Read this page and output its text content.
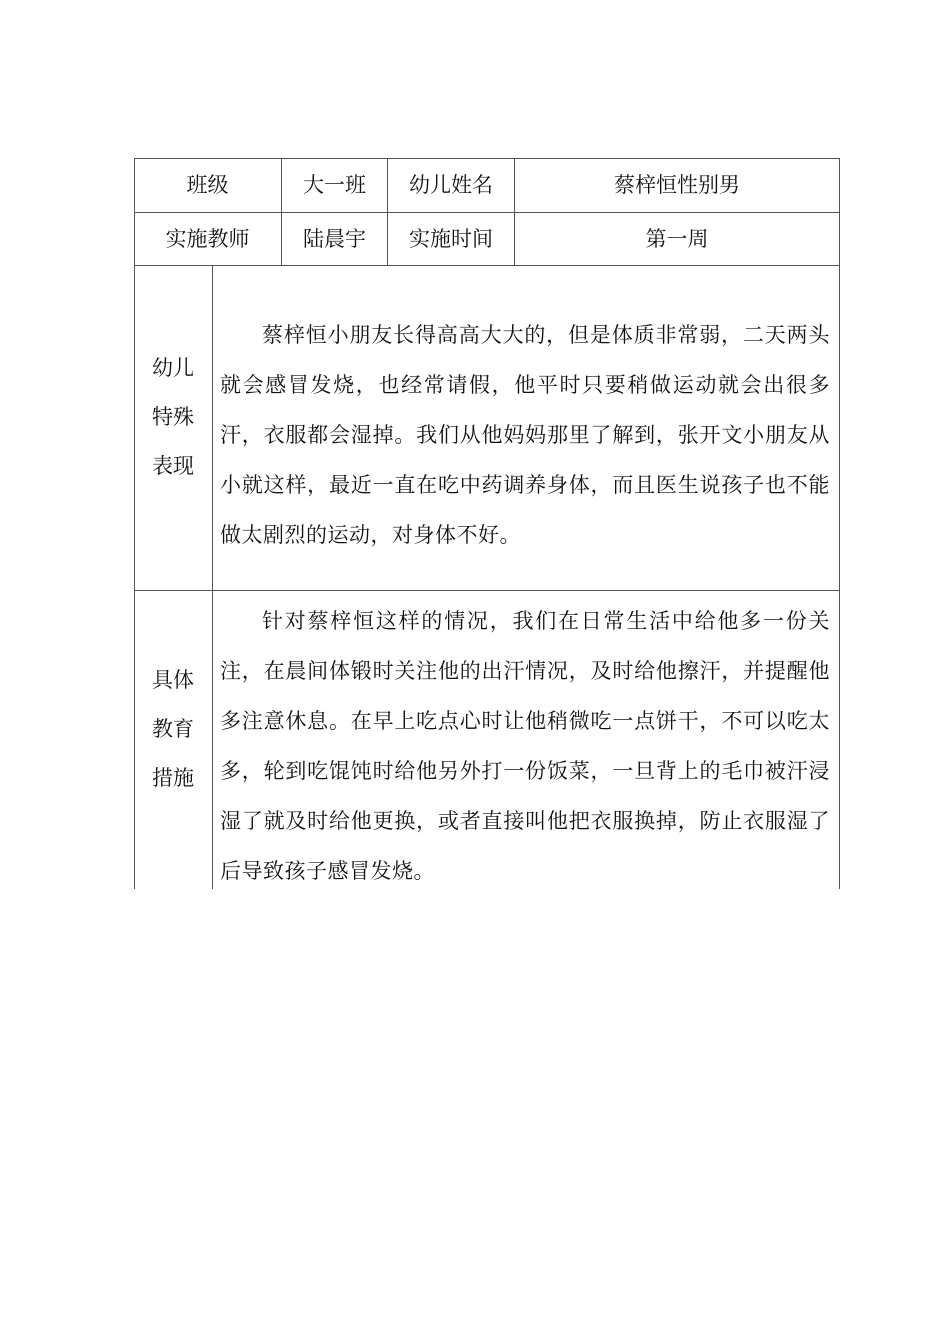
班级	大一班	幼儿姓名	蔡梓恒性别男
实施教师	陆晨宇	实施时间	第一周
幼儿
特殊
表现

蔡梓恒小朋友长得高高大大的，但是体质非常弱，二天两头就会感冒发烧，也经常请假，他平时只要稍做运动就会出很多汗，衣服都会湿掉。我们从他妈妈那里了解到，张开文小朋友从小就这样，最近一直在吃中药调养身体，而且医生说孩子也不能做太剧烈的运动，对身体不好。

具体
教育
措施

针对蔡梓恒这样的情况，我们在日常生活中给他多一份关注，在晨间体锻时关注他的出汗情况，及时给他擦汗，并提醒他多注意休息。在早上吃点心时让他稍微吃一点饼干，不可以吃太多，轮到吃馄饨时给他另外打一份饭菜，一旦背上的毛巾被汗浸湿了就及时给他更换，或者直接叫他把衣服换掉，防止衣服湿了后导致孩子感冒发烧。
